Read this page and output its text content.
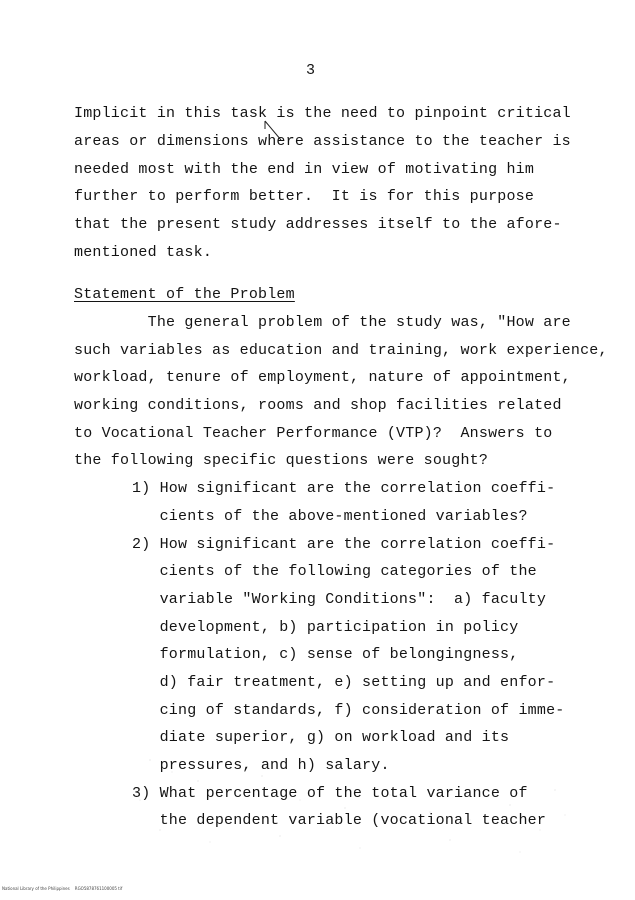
3
Implicit in this task is the need to pinpoint critical
areas or dimensions where assistance to the teacher is
needed most with the end in view of motivating him
further to perform better.  It is for this purpose
that the present study addresses itself to the afore-
mentioned task.
Statement of the Problem
The general problem of the study was, "How are
such variables as education and training, work experience,
workload, tenure of employment, nature of appointment,
working conditions, rooms and shop facilities related
to Vocational Teacher Performance (VTP)?  Answers to
the following specific questions were sought?
1) How significant are the correlation coeffi-
cients of the above-mentioned variables?
2) How significant are the correlation coeffi-
cients of the following categories of the
variable "Working Conditions":  a) faculty
development, b) participation in policy
formulation, c) sense of belongingness,
d) fair treatment, e) setting up and enfor-
cing of standards, f) consideration of imme-
diate superior, g) on workload and its
pressures, and h) salary.
3) What percentage of the total variance of
the dependent variable (vocational teacher
National Library of the Philippines    RGO5878761100005 tif
